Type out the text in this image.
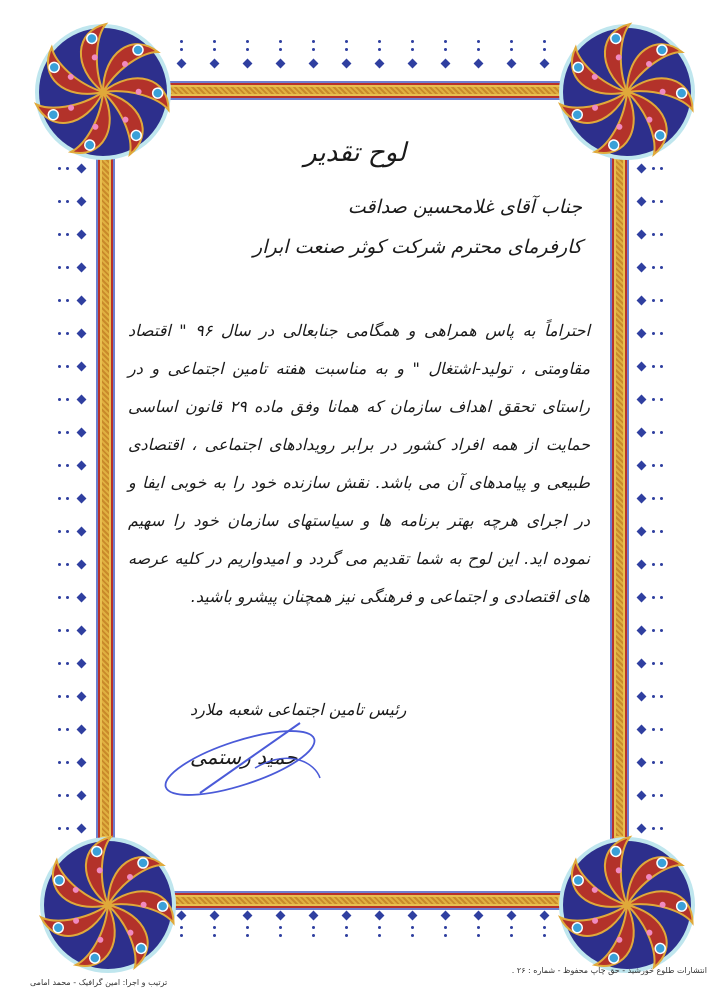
لوح تقدیر
جناب آقای غلامحسین صداقت
کارفرمای محترم شرکت کوثر صنعت ابرار
احتراماً به پاس همراهی و همگامی جنابعالی در سال ۹۶ " اقتصاد مقاومتی ، تولید-اشتغال " و به مناسبت هفته تامین اجتماعی و در راستای تحقق اهداف سازمان که همانا وفق ماده ۲۹ قانون اساسی حمایت از همه افراد کشور در برابر رویدادهای اجتماعی ، اقتصادی طبیعی و پیامدهای آن می باشد. نقش سازنده خود را به خوبی ایفا و در اجرای هرچه بهتر برنامه ها و سیاستهای سازمان خود را سهیم نموده اید. این لوح به شما تقدیم می گردد و امیدواریم در کلیه عرصه های اقتصادی و اجتماعی و فرهنگی نیز همچنان پیشرو باشید.
رئیس تامین اجتماعی شعبه ملارد
حمید رستمی
ترتیب و اجرا: امین گرافیک - محمد امامی
انتشارات طلوع خورشید - حق چاپ محفوظ - شماره : ۲۶ .
